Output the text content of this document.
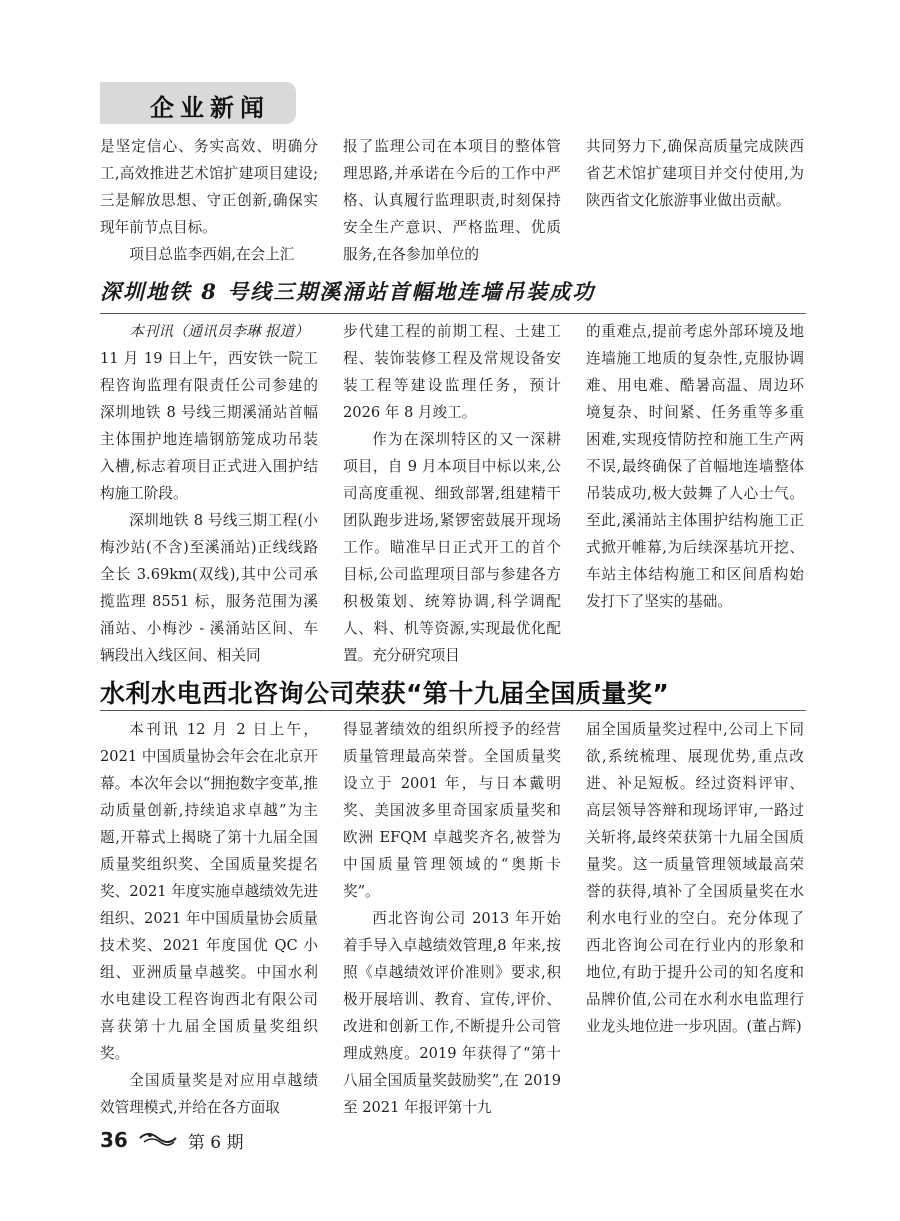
企业新闻

是坚定信心、务实高效、明确分工,高效推进艺术馆扩建项目建设;三是解放思想、守正创新,确保实现年前节点目标。

项目总监李西娟,在会上汇

报了监理公司在本项目的整体管理思路,并承诺在今后的工作中严格、认真履行监理职责,时刻保持安全生产意识、严格监理、优质服务,在各参加单位的

共同努力下,确保高质量完成陕西省艺术馆扩建项目并交付使用,为陕西省文化旅游事业做出贡献。

深圳地铁 8 号线三期溪涌站首幅地连墙吊装成功

本刊讯（通讯员李琳 报道）

11 月 19 日上午，西安铁一院工程咨询监理有限责任公司参建的深圳地铁 8 号线三期溪涌站首幅主体围护地连墙钢筋笼成功吊装入槽,标志着项目正式进入围护结构施工阶段。

深圳地铁 8 号线三期工程(小梅沙站(不含)至溪涌站)正线线路全长 3.69km(双线),其中公司承揽监理 8551 标，服务范围为溪涌站、小梅沙 - 溪涌站区间、车辆段出入线区间、相关同

步代建工程的前期工程、土建工程、装饰装修工程及常规设备安装工程等建设监理任务，预计 2026 年 8 月竣工。

作为在深圳特区的又一深耕项目，自 9 月本项目中标以来,公司高度重视、细致部署,组建精干团队跑步进场,紧锣密鼓展开现场工作。瞄准早日正式开工的首个目标,公司监理项目部与参建各方积极策划、统筹协调,科学调配人、料、机等资源,实现最优化配置。充分研究项目

的重难点,提前考虑外部环境及地连墙施工地质的复杂性,克服协调难、用电难、酷暑高温、周边环境复杂、时间紧、任务重等多重困难,实现疫情防控和施工生产两不误,最终确保了首幅地连墙整体吊装成功,极大鼓舞了人心士气。至此,溪涌站主体围护结构施工正式掀开帷幕,为后续深基坑开挖、车站主体结构施工和区间盾构始发打下了坚实的基础。

水利水电西北咨询公司荣获“第十九届全国质量奖”

本刊讯 12 月 2 日上午，2021 中国质量协会年会在北京开幕。本次年会以“拥抱数字变革,推动质量创新,持续追求卓越”为主题,开幕式上揭晓了第十九届全国质量奖组织奖、全国质量奖提名奖、2021 年度实施卓越绩效先进组织、2021 年中国质量协会质量技术奖、2021 年度国优 QC 小组、亚洲质量卓越奖。中国水利水电建设工程咨询西北有限公司喜获第十九届全国质量奖组织奖。

全国质量奖是对应用卓越绩效管理模式,并给在各方面取

得显著绩效的组织所授予的经营质量管理最高荣誉。全国质量奖设立于 2001 年，与日本戴明奖、美国波多里奇国家质量奖和欧洲 EFQM 卓越奖齐名,被誉为中国质量管理领域的“奥斯卡奖”。

西北咨询公司 2013 年开始着手导入卓越绩效管理,8 年来,按照《卓越绩效评价准则》要求,积极开展培训、教育、宣传,评价、改进和创新工作,不断提升公司管理成熟度。2019 年获得了“第十八届全国质量奖鼓励奖”,在 2019 至 2021 年报评第十九

届全国质量奖过程中,公司上下同欲,系统梳理、展现优势,重点改进、补足短板。经过资料评审、高层领导答辩和现场评审,一路过关斩将,最终荣获第十九届全国质量奖。这一质量管理领域最高荣誉的获得,填补了全国质量奖在水利水电行业的空白。充分体现了西北咨询公司在行业内的形象和地位,有助于提升公司的知名度和品牌价值,公司在水利水电监理行业龙头地位进一步巩固。(董占辉)

36	第 6 期
